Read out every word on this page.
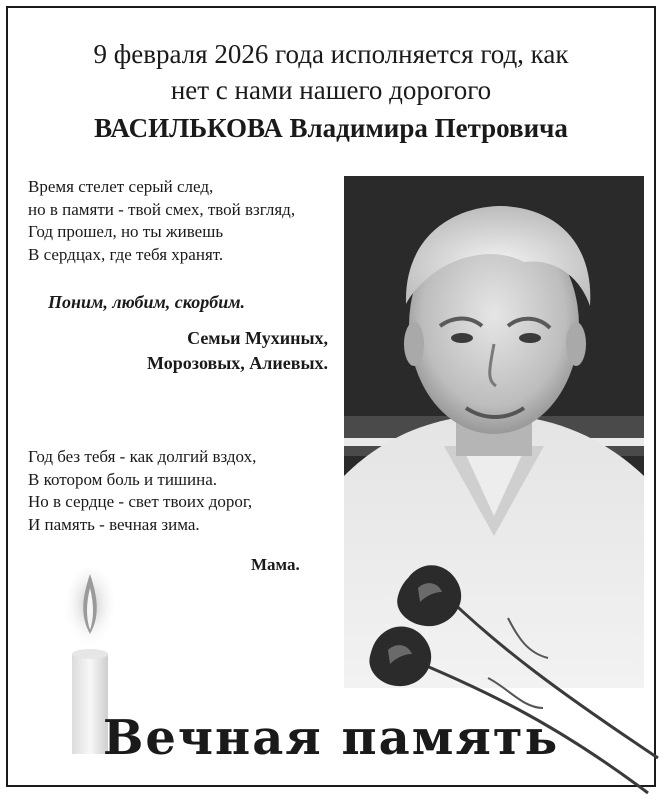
9 февраля 2026 года исполняется год, как
нет с нами нашего дорогого
ВАСИЛЬКОВА Владимира Петровича
Время стелет серый след,
но в памяти - твой смех, твой взгляд,
Год прошел, но ты живешь
В сердцах, где тебя хранят.
Поним, любим, скорбим.
Семьи Мухиных,
Морозовых, Алиевых.
Год без тебя - как долгий вздох,
В котором боль и тишина.
Но в сердце - свет твоих дорог,
И память - вечная зима.
Мама.
Вечная память
